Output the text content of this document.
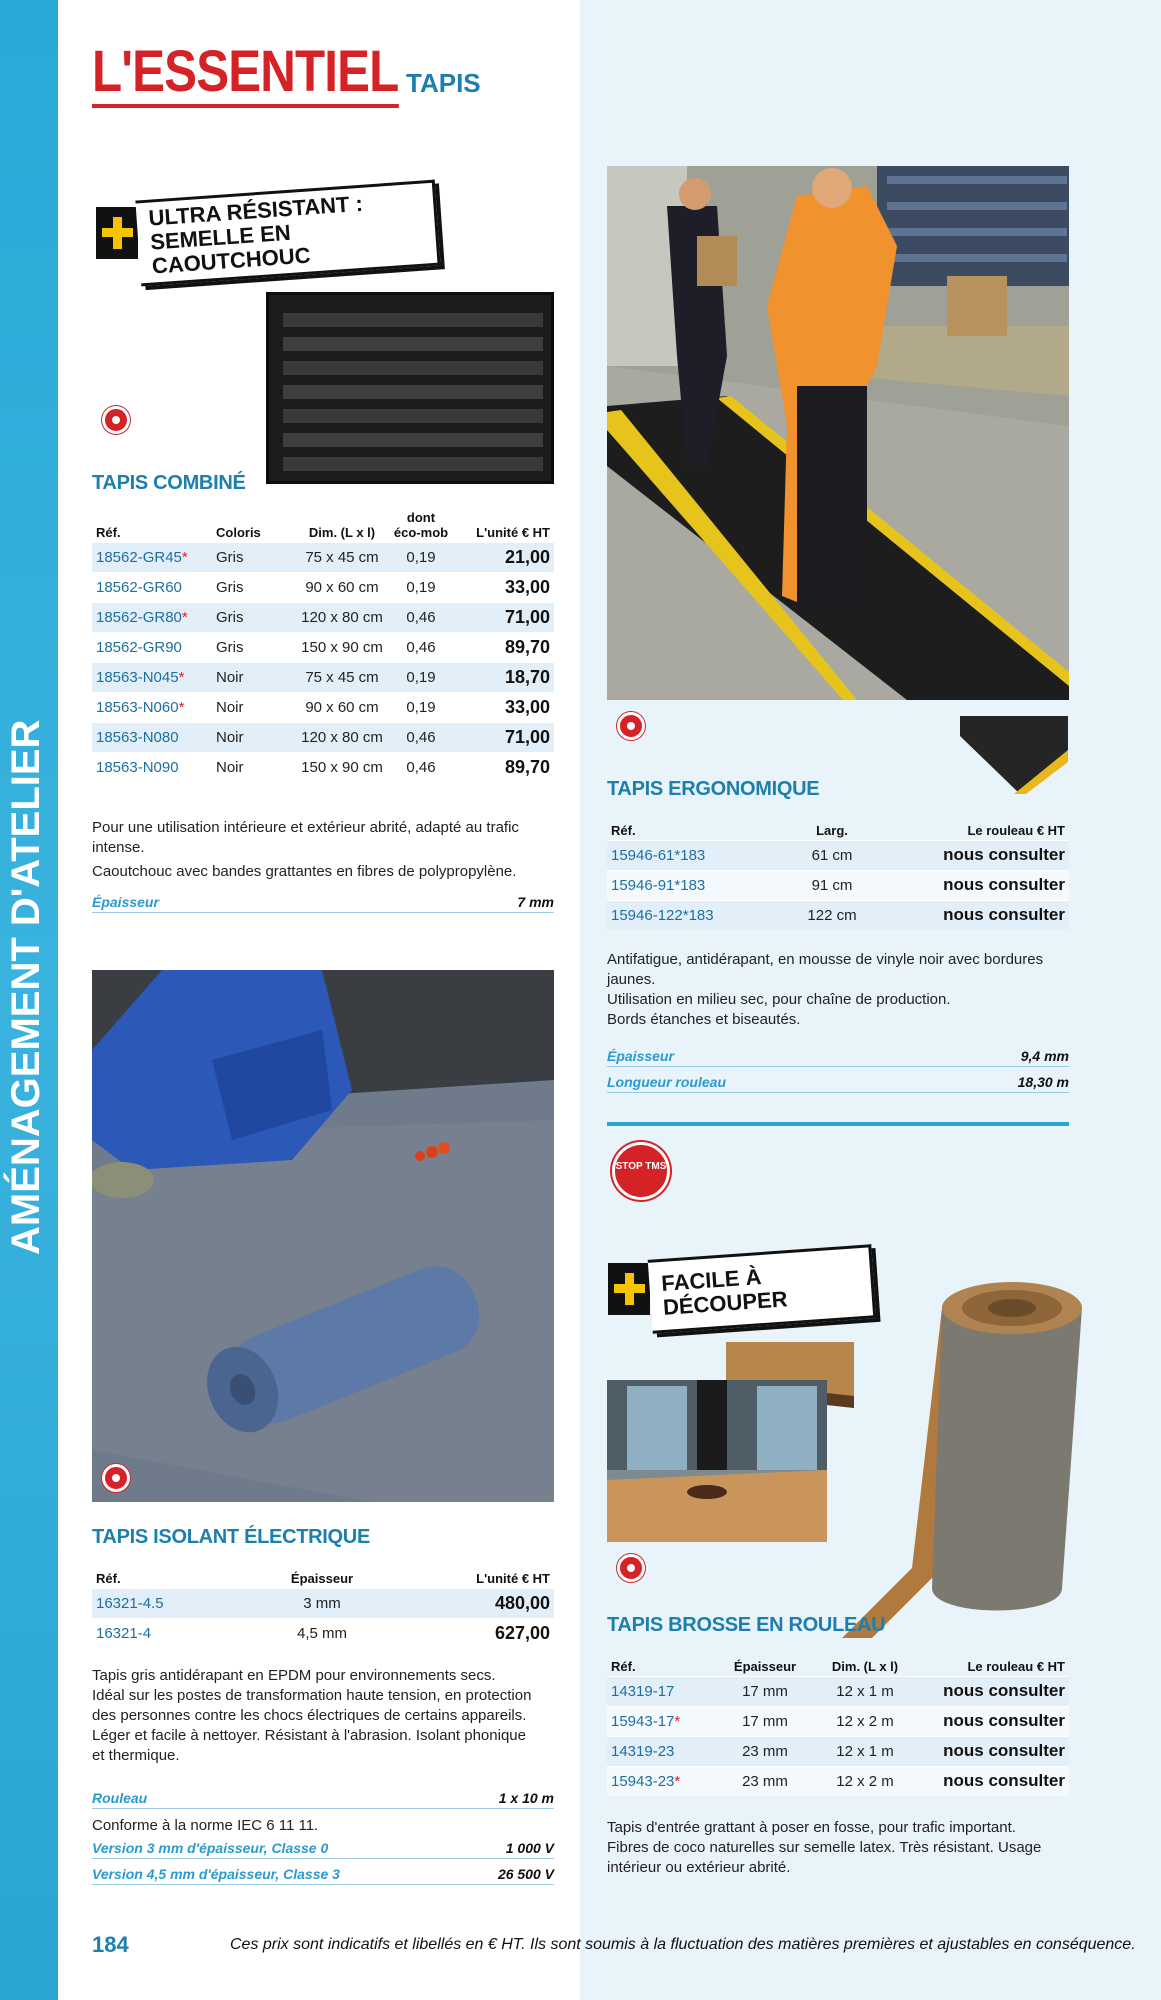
AMÉNAGEMENT D'ATELIER
L'ESSENTIEL TAPIS
ULTRA RÉSISTANT : SEMELLE EN CAOUTCHOUC
TAPIS COMBINÉ
Réf.	Coloris	Dim. (L x l)	dont éco-mob	L'unité € HT
18562-GR45*	Gris	75 x 45 cm	0,19	21,00
18562-GR60	Gris	90 x 60 cm	0,19	33,00
18562-GR80*	Gris	120 x 80 cm	0,46	71,00
18562-GR90	Gris	150 x 90 cm	0,46	89,70
18563-N045*	Noir	75 x 45 cm	0,19	18,70
18563-N060*	Noir	90 x 60 cm	0,19	33,00
18563-N080	Noir	120 x 80 cm	0,46	71,00
18563-N090	Noir	150 x 90 cm	0,46	89,70
Pour une utilisation intérieure et extérieur abrité, adapté au trafic intense.
Caoutchouc avec bandes grattantes en fibres de polypropylène.
Épaisseur	7 mm
TAPIS ISOLANT ÉLECTRIQUE
Réf.	Épaisseur	L'unité € HT
16321-4.5	3 mm	480,00
16321-4	4,5 mm	627,00
Tapis gris antidérapant en EPDM pour environnements secs. Idéal sur les postes de transformation haute tension, en protection des personnes contre les chocs électriques de certains appareils.
Léger et facile à nettoyer. Résistant à l'abrasion. Isolant phonique et thermique.
Rouleau	1 x 10 m
Conforme à la norme IEC 6 11 11.
Version 3 mm d'épaisseur, Classe 0	1 000 V
Version 4,5 mm d'épaisseur, Classe 3	26 500 V
TAPIS ERGONOMIQUE
Réf.	Larg.	Le rouleau € HT
15946-61*183	61 cm	nous consulter
15946-91*183	91 cm	nous consulter
15946-122*183	122 cm	nous consulter
Antifatigue, antidérapant, en mousse de vinyle noir avec bordures jaunes.
Utilisation en milieu sec, pour chaîne de production.
Bords étanches et biseautés.
Épaisseur	9,4 mm
Longueur rouleau	18,30 m
STOP TMS
FACILE À DÉCOUPER
TAPIS BROSSE EN ROULEAU
Réf.	Épaisseur	Dim. (L x l)	Le rouleau € HT
14319-17	17 mm	12 x 1 m	nous consulter
15943-17*	17 mm	12 x 2 m	nous consulter
14319-23	23 mm	12 x 1 m	nous consulter
15943-23*	23 mm	12 x 2 m	nous consulter
Tapis d'entrée grattant à poser en fosse, pour trafic important.
Fibres de coco naturelles sur semelle latex. Très résistant. Usage intérieur ou extérieur abrité.
184	Ces prix sont indicatifs et libellés en € HT. Ils sont soumis à la fluctuation des matières premières et ajustables en conséquence.
